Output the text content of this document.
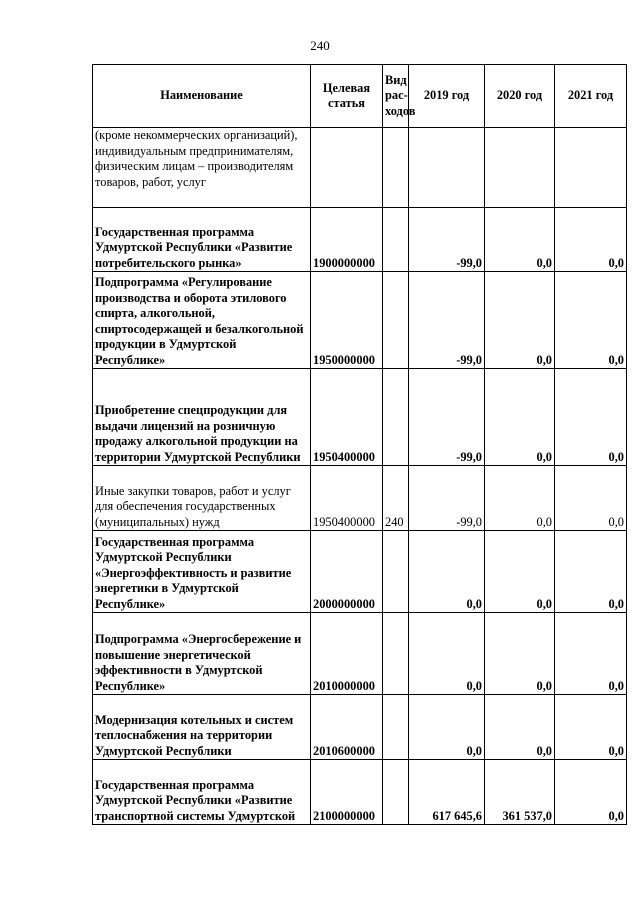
240
Наименование	Целевая статья	Вид рас-ходов	2019 год	2020 год	2021 год
(кроме некоммерческих организаций), индивидуальным предпринимателям, физическим лицам – производителям товаров, работ, услуг					
Государственная программа Удмуртской Республики «Развитие потребительского рынка»	1900000000		-99,0	0,0	0,0
Подпрограмма «Регулирование производства и оборота этилового спирта, алкогольной, спиртосодержащей и безалкогольной продукции в Удмуртской Республике»	1950000000		-99,0	0,0	0,0
Приобретение спецпродукции для выдачи лицензий на розничную продажу алкогольной продукции на территории Удмуртской Республики	1950400000		-99,0	0,0	0,0
Иные закупки товаров, работ и услуг для обеспечения государственных (муниципальных) нужд	1950400000	240	-99,0	0,0	0,0
Государственная программа Удмуртской Республики «Энергоэффективность и развитие энергетики в Удмуртской Республике»	2000000000		0,0	0,0	0,0
Подпрограмма «Энергосбережение и повышение энергетической эффективности в Удмуртской Республике»	2010000000		0,0	0,0	0,0
Модернизация котельных и систем теплоснабжения на территории Удмуртской Республики	2010600000		0,0	0,0	0,0
Государственная программа Удмуртской Республики «Развитие транспортной системы Удмуртской	2100000000		617 645,6	361 537,0	0,0
